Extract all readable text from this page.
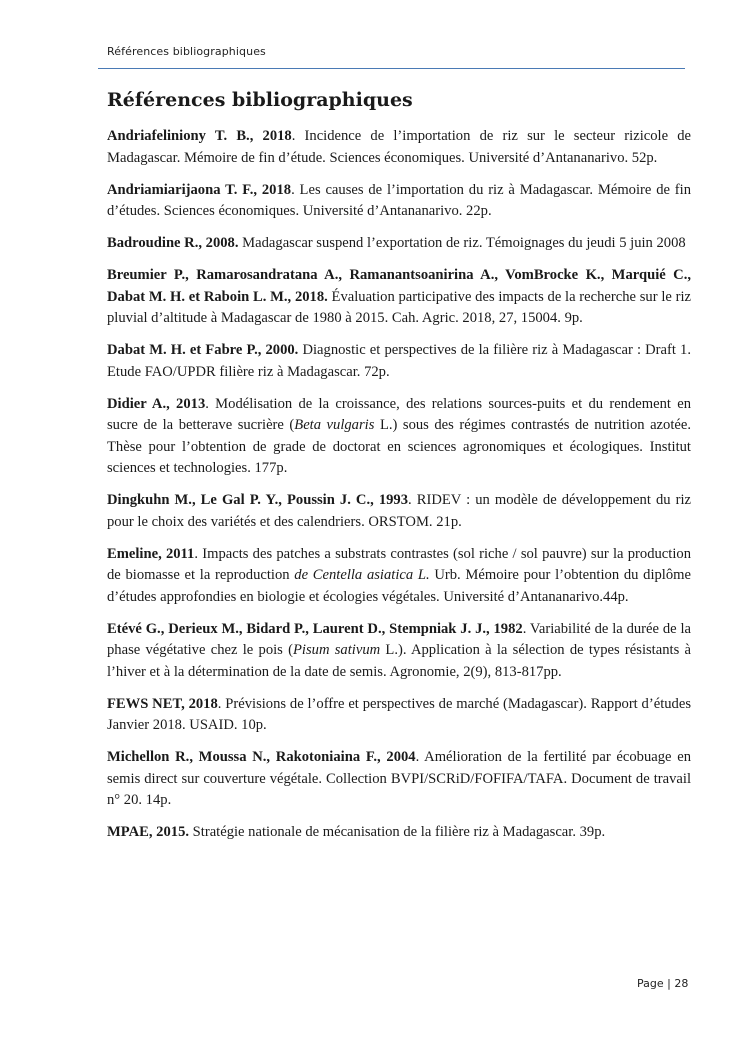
Références bibliographiques
Références bibliographiques

Andriafeliniony T. B., 2018. Incidence de l’importation de riz sur le secteur rizicole de Madagascar. Mémoire de fin d’étude. Sciences économiques. Université d’Antananarivo. 52p.

Andriamiarijaona T. F., 2018. Les causes de l’importation du riz à Madagascar. Mémoire de fin d’études. Sciences économiques. Université d’Antananarivo. 22p.

Badroudine R., 2008. Madagascar suspend l’exportation de riz. Témoignages du jeudi 5 juin 2008

Breumier P., Ramarosandratana A., Ramanantsoanirina A., VomBrocke K., Marquié C., Dabat M. H. et Raboin L. M., 2018. Évaluation participative des impacts de la recherche sur le riz pluvial d’altitude à Madagascar de 1980 à 2015. Cah. Agric. 2018, 27, 15004. 9p.

Dabat M. H. et Fabre P., 2000. Diagnostic et perspectives de la filière riz à Madagascar : Draft 1. Etude FAO/UPDR filière riz à Madagascar. 72p.

Didier A., 2013. Modélisation de la croissance, des relations sources-puits et du rendement en sucre de la betterave sucrière (Beta vulgaris L.) sous des régimes contrastés de nutrition azotée. Thèse pour l’obtention de grade de doctorat en sciences agronomiques et écologiques. Institut sciences et technologies. 177p.

Dingkuhn M., Le Gal P. Y., Poussin J. C., 1993. RIDEV : un modèle de développement du riz pour le choix des variétés et des calendriers. ORSTOM. 21p.

Emeline, 2011. Impacts des patches a substrats contrastes (sol riche / sol pauvre) sur la production de biomasse et la reproduction de Centella asiatica L. Urb. Mémoire pour l’obtention du diplôme d’études approfondies en biologie et écologies végétales. Université d’Antananarivo.44p.

Etévé G., Derieux M., Bidard P., Laurent D., Stempniak J. J., 1982. Variabilité de la durée de la phase végétative chez le pois (Pisum sativum L.). Application à la sélection de types résistants à l’hiver et à la détermination de la date de semis. Agronomie, 2(9), 813-817pp.

FEWS NET, 2018. Prévisions de l’offre et perspectives de marché (Madagascar). Rapport d’études Janvier 2018. USAID. 10p.

Michellon R., Moussa N., Rakotoniaina F., 2004. Amélioration de la fertilité par écobuage en semis direct sur couverture végétale. Collection BVPI/SCRiD/FOFIFA/TAFA. Document de travail n° 20. 14p.

MPAE, 2015. Stratégie nationale de mécanisation de la filière riz à Madagascar. 39p.

Page | 28
